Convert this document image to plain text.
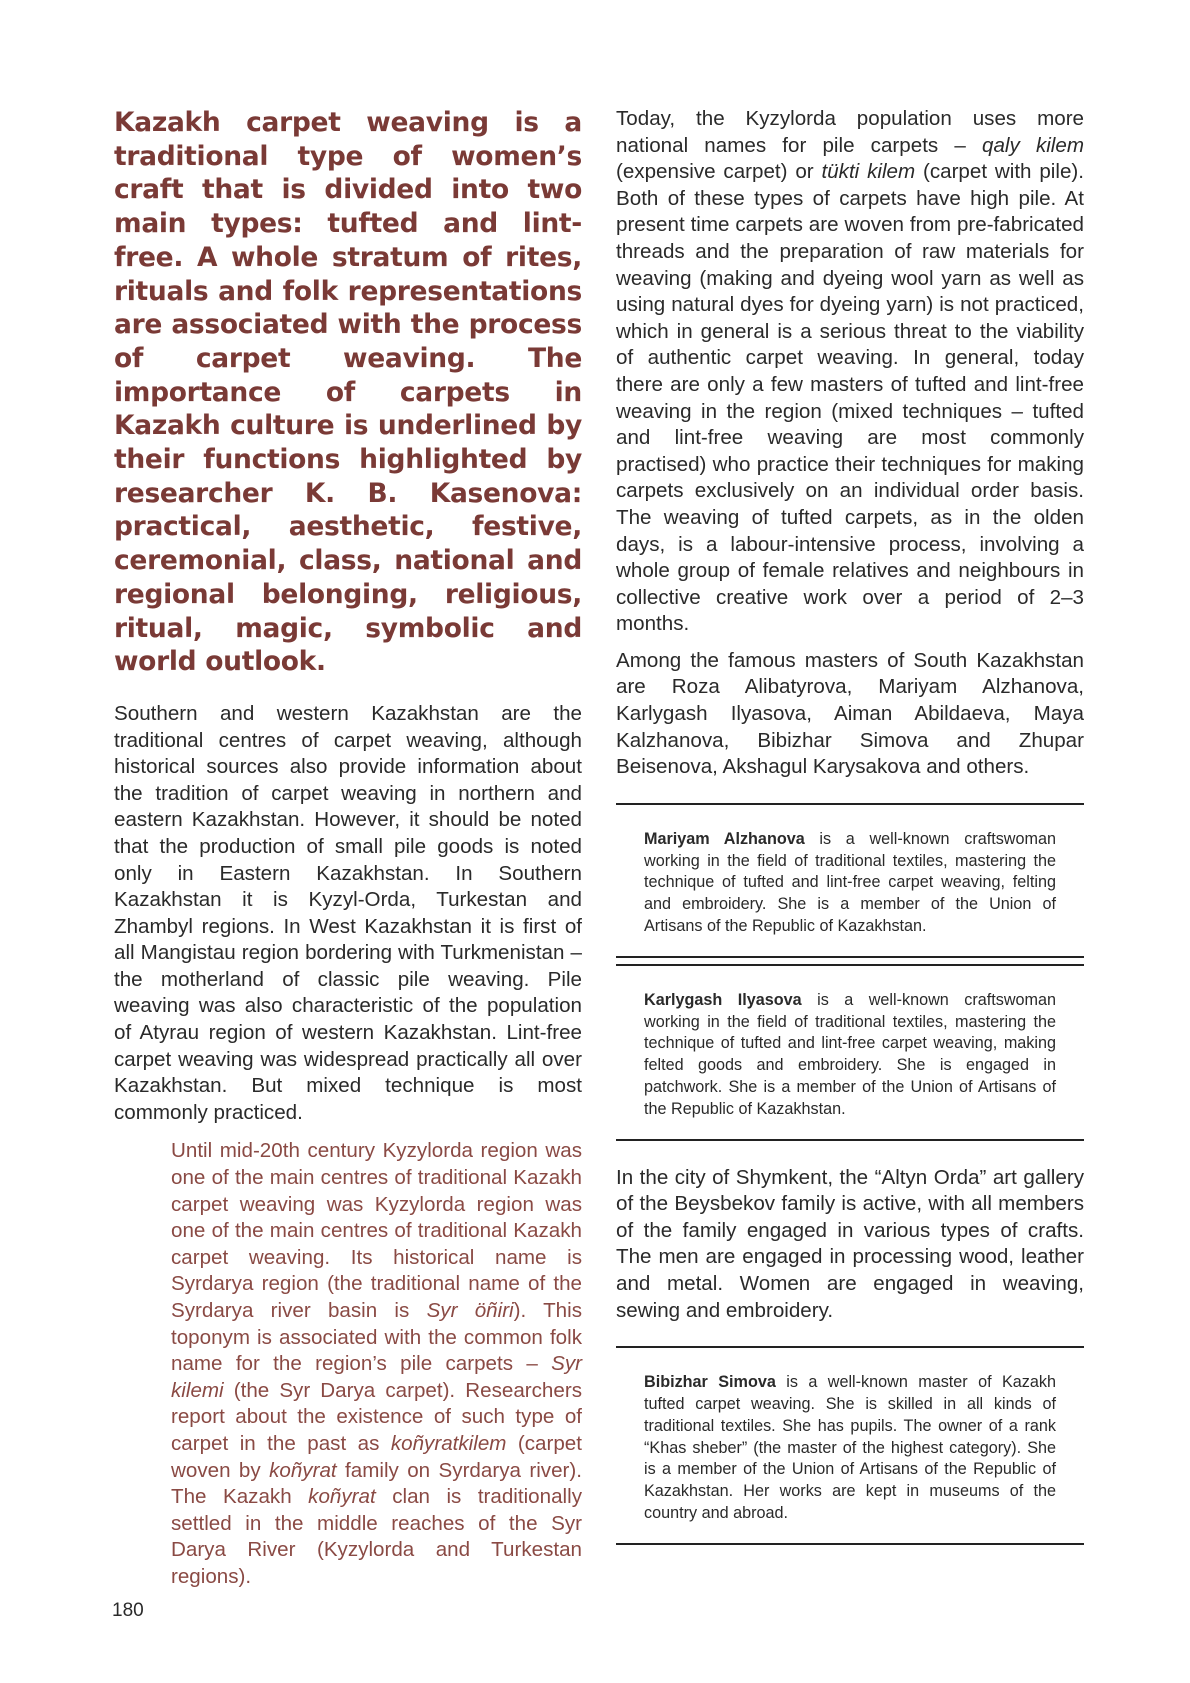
Kazakh carpet weaving is a traditional type of women’s craft that is divided into two main types: tufted and lint-free. A whole stratum of rites, rituals and folk representations are associated with the process of carpet weaving. The importance of carpets in Kazakh culture is underlined by their functions highlighted by researcher K. B. Kasenova: practical, aesthetic, festive, ceremonial, class, national and regional belonging, religious, ritual, magic, symbolic and world outlook.

Southern and western Kazakhstan are the traditional centres of carpet weaving, although historical sources also provide information about the tradition of carpet weaving in northern and eastern Kazakhstan. However, it should be noted that the production of small pile goods is noted only in Eastern Kazakhstan. In Southern Kazakhstan it is Kyzyl-Orda, Turkestan and Zhambyl regions. In West Kazakhstan it is first of all Mangistau region bordering with Turkmenistan – the motherland of classic pile weaving. Pile weaving was also characteristic of the population of Atyrau region of western Kazakhstan. Lint-free carpet weaving was widespread practically all over Kazakhstan. But mixed technique is most commonly practiced.

Until mid-20th century Kyzylorda region was one of the main centres of traditional Kazakh carpet weaving was Kyzylorda region was one of the main centres of traditional Kazakh carpet weaving. Its historical name is Syrdarya region (the traditional name of the Syrdarya river basin is Syr öñiri). This toponym is associated with the common folk name for the region’s pile carpets – Syr kilemi (the Syr Darya carpet). Researchers report about the existence of such type of carpet in the past as koñyratkilem (carpet woven by koñyrat family on Syrdarya river). The Kazakh koñyrat clan is traditionally settled in the middle reaches of the Syr Darya River (Kyzylorda and Turkestan regions).

Today, the Kyzylorda population uses more national names for pile carpets – qaly kilem (expensive carpet) or tükti kilem (carpet with pile). Both of these types of carpets have high pile. At present time carpets are woven from pre-fabricated threads and the preparation of raw materials for weaving (making and dyeing wool yarn as well as using natural dyes for dyeing yarn) is not practiced, which in general is a serious threat to the viability of authentic carpet weaving. In general, today there are only a few masters of tufted and lint-free weaving in the region (mixed techniques – tufted and lint-free weaving are most commonly practised) who practice their techniques for making carpets exclusively on an individual order basis. The weaving of tufted carpets, as in the olden days, is a labour-intensive process, involving a whole group of female relatives and neighbours in collective creative work over a period of 2–3 months.

Among the famous masters of South Kazakhstan are Roza Alibatyrova, Mariyam Alzhanova, Karlygash Ilyasova, Aiman Abildaeva, Maya Kalzhanova, Bibizhar Simova and Zhupar Beisenova, Akshagul Karysakova and others.

Mariyam Alzhanova is a well-known craftswoman working in the field of traditional textiles, mastering the technique of tufted and lint-free carpet weaving, felting and embroidery. She is a member of the Union of Artisans of the Republic of Kazakhstan.

Karlygash Ilyasova is a well-known craftswoman working in the field of traditional textiles, mastering the technique of tufted and lint-free carpet weaving, making felted goods and embroidery. She is engaged in patchwork. She is a member of the Union of Artisans of the Republic of Kazakhstan.

In the city of Shymkent, the “Altyn Orda” art gallery of the Beysbekov family is active, with all members of the family engaged in various types of crafts. The men are engaged in processing wood, leather and metal. Women are engaged in weaving, sewing and embroidery.

Bibizhar Simova is a well-known master of Kazakh tufted carpet weaving. She is skilled in all kinds of traditional textiles. She has pupils. The owner of a rank “Khas sheber” (the master of the highest category). She is a member of the Union of Artisans of the Republic of Kazakhstan. Her works are kept in museums of the country and abroad.

180
